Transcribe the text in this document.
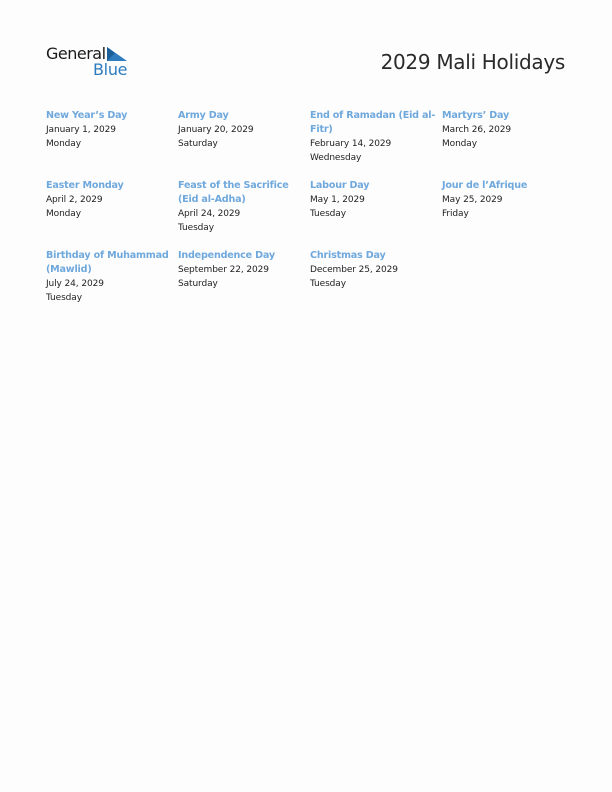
General
Blue	2029 Mali Holidays
New Year’s Day
January 1, 2029
Monday
Army Day
January 20, 2029
Saturday
End of Ramadan (Eid al-Fitr)
February 14, 2029
Wednesday
Martyrs’ Day
March 26, 2029
Monday
Easter Monday
April 2, 2029
Monday
Feast of the Sacrifice (Eid al-Adha)
April 24, 2029
Tuesday
Labour Day
May 1, 2029
Tuesday
Jour de l’Afrique
May 25, 2029
Friday
Birthday of Muhammad (Mawlid)
July 24, 2029
Tuesday
Independence Day
September 22, 2029
Saturday
Christmas Day
December 25, 2029
Tuesday
